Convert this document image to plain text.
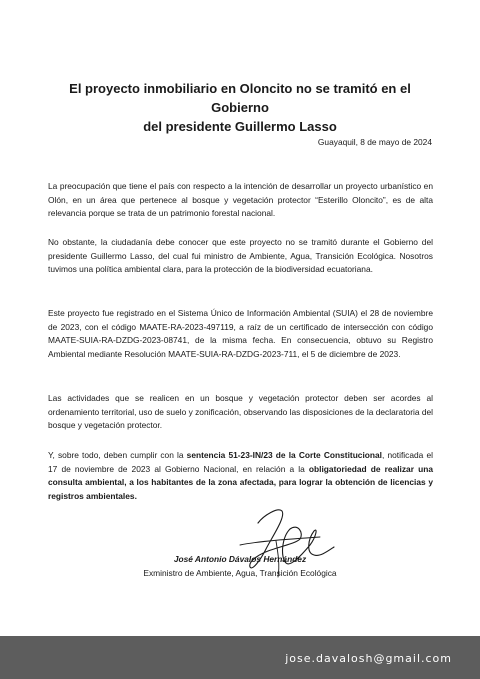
El proyecto inmobiliario en Oloncito no se tramitó en el Gobierno
del presidente Guillermo Lasso
Guayaquil, 8 de mayo de 2024
La preocupación que tiene el país con respecto a la intención de desarrollar un proyecto urbanístico en Olón, en un área que pertenece al bosque y vegetación protector “Esterillo Oloncito”, es de alta relevancia porque se trata de un patrimonio forestal nacional.
No obstante, la ciudadanía debe conocer que este proyecto no se tramitó durante el Gobierno del presidente Guillermo Lasso, del cual fui ministro de Ambiente, Agua, Transición Ecológica. Nosotros tuvimos una política ambiental clara, para la protección de la biodiversidad ecuatoriana.
Este proyecto fue registrado en el Sistema Único de Información Ambiental (SUIA) el 28 de noviembre de 2023, con el código MAATE-RA-2023-497119, a raíz de un certificado de intersección con código MAATE-SUIA-RA-DZDG-2023-08741, de la misma fecha. En consecuencia, obtuvo su Registro Ambiental mediante Resolución MAATE-SUIA-RA-DZDG-2023-711, el 5 de diciembre de 2023.
Las actividades que se realicen en un bosque y vegetación protector deben ser acordes al ordenamiento territorial, uso de suelo y zonificación, observando las disposiciones de la declaratoria del bosque y vegetación protector.
Y, sobre todo, deben cumplir con la sentencia 51-23-IN/23 de la Corte Constitucional, notificada el 17 de noviembre de 2023 al Gobierno Nacional, en relación a la obligatoriedad de realizar una consulta ambiental, a los habitantes de la zona afectada, para lograr la obtención de licencias y registros ambientales.
José Antonio Dávalos Hernández
Exministro de Ambiente, Agua, Transición Ecológica
jose.davalosh@gmail.com
